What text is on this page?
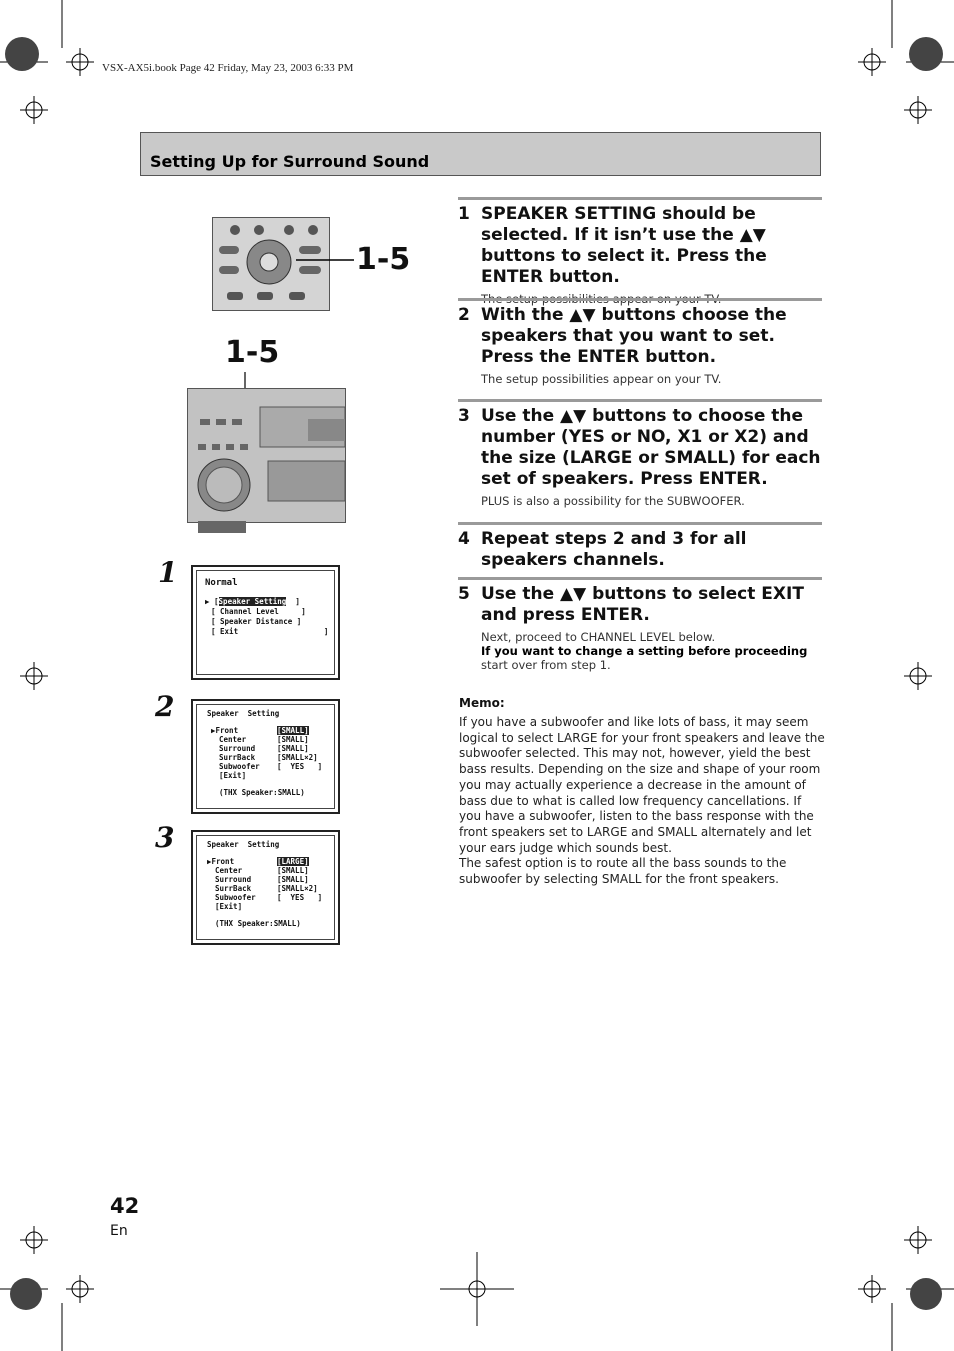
VSX-AX5i.book Page 42 Friday, May 23, 2003 6:33 PM
Setting Up for Surround Sound
1-5
1-5
1
2
3
Normal
▶ [Speaker Setting ]
[ Channel Level     ]
[ Speaker Distance ]
[ Exit                   ]
Speaker  Setting
▶Front
Center
Surround
SurrBack
Subwoofer
[Exit]
[SMALL]
[SMALL]
[SMALL]
[SMALL×2]
[  YES   ]
(THX Speaker:SMALL)
Speaker  Setting
▶Front
Center
Surround
SurrBack
Subwoofer
[Exit]
[LARGE]
[SMALL]
[SMALL]
[SMALL×2]
[  YES   ]
(THX Speaker:SMALL)
1 SPEAKER SETTING should be selected. If it isn’t use the ▲▼ buttons to select it. Press the ENTER button.
The setup possibilities appear on your TV.
2 With the ▲▼ buttons choose the speakers that you want to set. Press the ENTER button.
The setup possibilities appear on your TV.
3 Use the ▲▼ buttons to choose the number (YES or NO, X1 or X2) and the size (LARGE or SMALL) for each set of speakers. Press ENTER.
PLUS is also a possibility for the SUBWOOFER.
4 Repeat steps 2 and 3 for all speakers channels.
5 Use the ▲▼ buttons to select EXIT and press ENTER.
Next, proceed to CHANNEL LEVEL below.
If you want to change a setting before proceeding
start over from step 1.
Memo:
If you have a subwoofer and like lots of bass, it may seem logical to select LARGE for your front speakers and leave the subwoofer selected. This may not, however, yield the best bass results. Depending on the size and shape of your room you may actually experience a decrease in the amount of bass due to what is called low frequency cancellations. If you have a subwoofer, listen to the bass response with the front speakers set to LARGE and SMALL alternately and let your ears judge which sounds best.
The safest option is to route all the bass sounds to the subwoofer by selecting SMALL for the front speakers.
42
En
